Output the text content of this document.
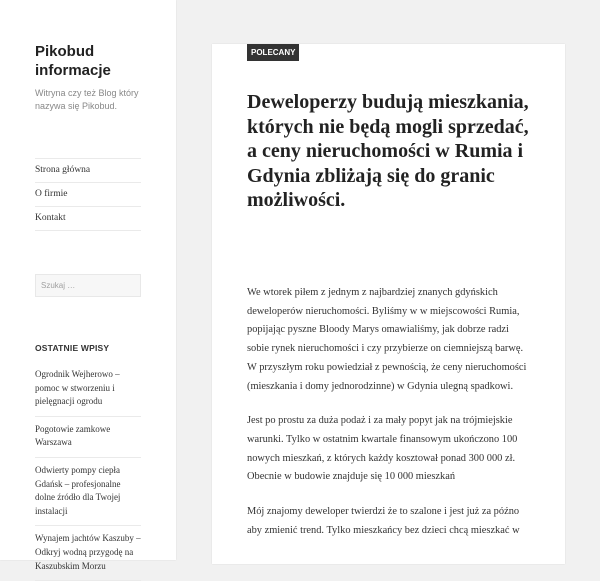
Pikobud informacje
Witryna czy też Blog który nazywa się Pikobud.
Strona główna
O firmie
Kontakt
Szukaj …
OSTATNIE WPISY
Ogrodnik Wejherowo – pomoc w stworzeniu i pielęgnacji ogrodu
Pogotowie zamkowe Warszawa
Odwierty pompy ciepła Gdańsk – profesjonalne dolne źródło dla Twojej instalacji
Wynajem jachtów Kaszuby – Odkryj wodną przygodę na Kaszubskim Morzu
POLECANY
Deweloperzy budują mieszkania, których nie będą mogli sprzedać, a ceny nieruchomości w Rumia i Gdynia zbliżają się do granic możliwości.

We wtorek piłem z jednym z najbardziej znanych gdyńskich deweloperów nieruchomości. Byliśmy w w miejscowości Rumia, popijając pyszne Bloody Marys omawialiśmy, jak dobrze radzi sobie rynek nieruchomości i czy przybierze on ciemniejszą barwę. W przyszłym roku powiedział z pewnością, że ceny nieruchomości (mieszkania i domy jednorodzinne) w Gdynia ulegną spadkowi.

Jest po prostu za duża podaż i za mały popyt jak na trójmiejskie warunki. Tylko w ostatnim kwartale finansowym ukończono 100 nowych mieszkań, z których każdy kosztował ponad 300 000 zł. Obecnie w budowie znajduje się 10 000 mieszkań

Mój znajomy deweloper twierdzi że to szalone i jest już za późno aby zmienić trend. Tylko mieszkańcy bez dzieci chcą mieszkać w
